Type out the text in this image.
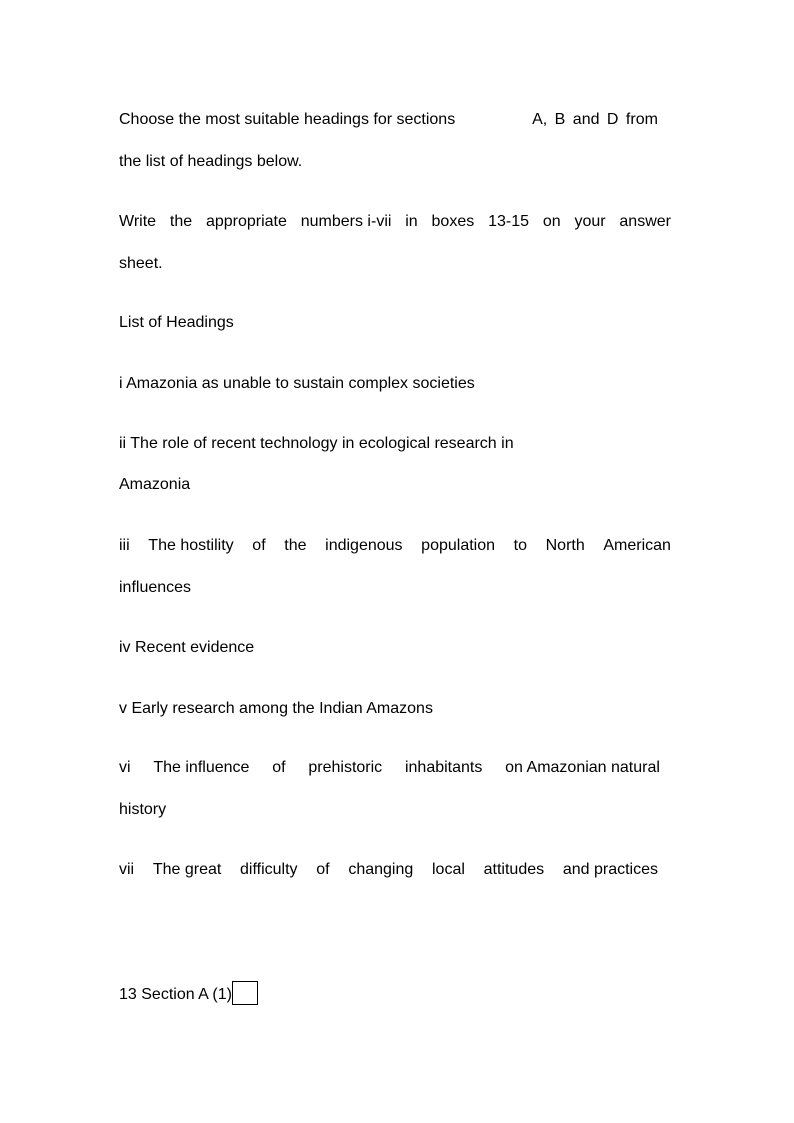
Choose the most suitable headings for sections	A, B and D from
the list of headings below.
Write the appropriate numbers i-vii in boxes 13-15 on your answer
sheet.
List of Headings
i Amazonia as unable to sustain complex societies
ii The role of recent technology in ecological research in
Amazonia
iii The hostility of the indigenous population to North American
influences
iv Recent evidence
v Early research among the Indian Amazons
vi The influence of prehistoric inhabitants on Amazonian natural
history
vii The great difficulty of changing local attitudes and practices
13 Section A (1)
